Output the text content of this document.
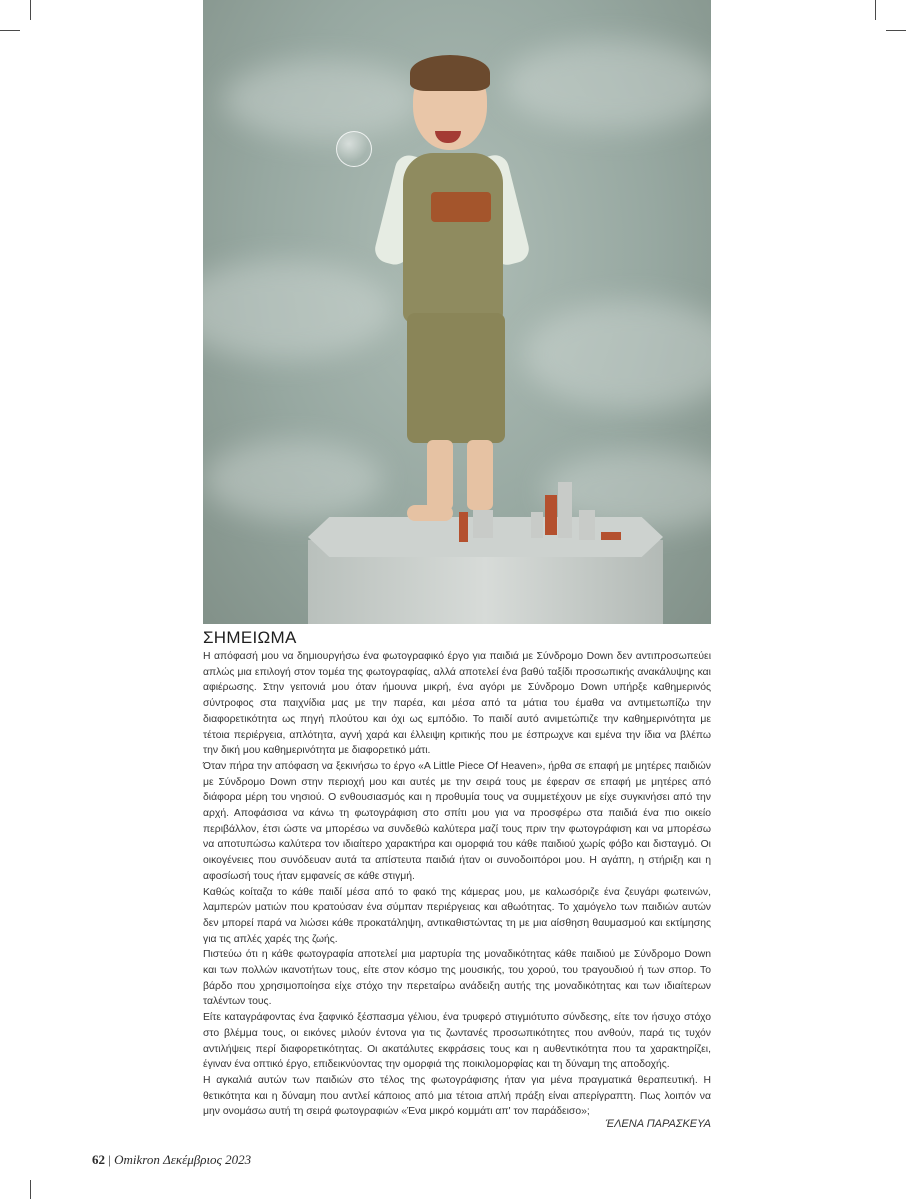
ΣΗΜΕΙΩΜΑ

Η απόφασή μου να δημιουργήσω ένα φωτογραφικό έργο για παιδιά με Σύνδρομο Down δεν αντιπροσωπεύει απλώς μια επιλογή στον τομέα της φωτογραφίας, αλλά αποτελεί ένα βαθύ ταξίδι προσωπικής ανακάλυψης και αφιέρωσης. Στην γειτονιά μου όταν ήμουνα μικρή, ένα αγόρι με Σύνδρομο Down υπήρξε καθημερινός σύντροφος στα παιχνίδια μας με την παρέα, και μέσα από τα μάτια του έμαθα να αντιμετωπίζω την διαφορετικότητα ως πηγή πλούτου και όχι ως εμπόδιο. Το παιδί αυτό ανιμετώπιζε την καθημερινότητα με τέτοια περιέργεια, απλότητα, αγνή χαρά και έλλειψη κριτικής που με έσπρωχνε και εμένα την ίδια να βλέπω την δική μου καθημερινότητα με διαφορετικό μάτι.

Όταν πήρα την απόφαση να ξεκινήσω το έργο «A Little Piece Of Heaven», ήρθα σε επαφή με μητέρες παιδιών με Σύνδρομο Down στην περιοχή μου και αυτές με την σειρά τους με έφεραν σε επαφή με μητέρες από διάφορα μέρη του νησιού. Ο ενθουσιασμός και η προθυμία τους να συμμετέχουν με είχε συγκινήσει από την αρχή. Αποφάσισα να κάνω τη φωτογράφιση στο σπίτι μου για να προσφέρω στα παιδιά ένα πιο οικείο περιβάλλον, έτσι ώστε να μπορέσω να συνδεθώ καλύτερα μαζί τους πριν την φωτογράφιση και να μπορέσω να αποτυπώσω καλύτερα τον ιδιαίτερο χαρακτήρα και ομορφιά του κάθε παιδιού χωρίς φόβο και δισταγμό. Οι οικογένειες που συνόδευαν αυτά τα απίστευτα παιδιά ήταν οι συνοδοιπόροι μου. Η αγάπη, η στήριξη και η αφοσίωσή τους ήταν εμφανείς σε κάθε στιγμή.

Καθώς κοίταζα το κάθε παιδί μέσα από το φακό της κάμερας μου, με καλωσόριζε ένα ζευγάρι φωτεινών, λαμπερών ματιών που κρατούσαν ένα σύμπαν περιέργειας και αθωότητας. Το χαμόγελο των παιδιών αυτών δεν μπορεί παρά να λιώσει κάθε προκατάληψη, αντικαθιστώντας τη με μια αίσθηση θαυμασμού και εκτίμησης για τις απλές χαρές της ζωής.

Πιστεύω ότι η κάθε φωτογραφία αποτελεί μια μαρτυρία της μοναδικότητας κάθε παιδιού με Σύνδρομο Down και των πολλών ικανοτήτων τους, είτε στον κόσμο της μουσικής, του χορού, του τραγουδιού ή των σπορ. Το βάρδο που χρησιμοποίησα είχε στόχο την περεταίρω ανάδειξη αυτής της μοναδικότητας και των ιδιαίτερων ταλέντων τους.

Είτε καταγράφοντας ένα ξαφνικό ξέσπασμα γέλιου, ένα τρυφερό στιγμιότυπο σύνδεσης, είτε τον ήσυχο στόχο στο βλέμμα τους, οι εικόνες μιλούν έντονα για τις ζωντανές προσωπικότητες που ανθούν, παρά τις τυχόν αντιλήψεις περί διαφορετικότητας. Οι ακατάλυτες εκφράσεις τους και η αυθεντικότητα που τα χαρακτηρίζει, έγιναν ένα οπτικό έργο, επιδεικνύοντας την ομορφιά της ποικιλομορφίας και τη δύναμη της αποδοχής.

Η αγκαλιά αυτών των παιδιών στο τέλος της φωτογράφισης ήταν για μένα πραγματικά θεραπευτική. Η θετικότητα και η δύναμη που αντλεί κάποιος από μια τέτοια απλή πράξη είναι απερίγραπτη. Πως λοιπόν να μην ονομάσω αυτή τη σειρά φωτογραφιών «Ένα μικρό κομμάτι απ' τον παράδεισο»;

ΈΛΕΝΑ ΠΑΡΑΣΚΕΥΑ
62 | Omikron Δεκέμβριος 2023
